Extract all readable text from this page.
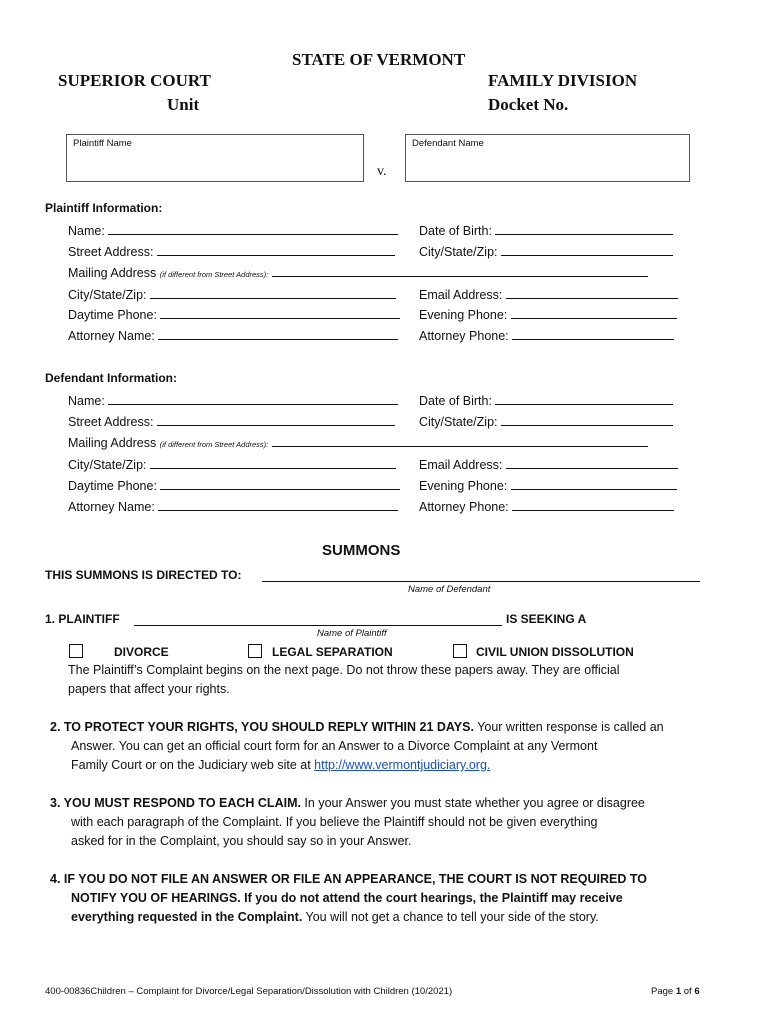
STATE OF VERMONT
SUPERIOR COURT
Unit
FAMILY DIVISION
Docket No.
Plaintiff Name
v.
Defendant Name
Plaintiff Information:
Name:	Date of Birth:
Street Address:	City/State/Zip:
Mailing Address (if different from Street Address):
City/State/Zip:	Email Address:
Daytime Phone:	Evening Phone:
Attorney Name:	Attorney Phone:
Defendant Information:
Name:	Date of Birth:
Street Address:	City/State/Zip:
Mailing Address (if different from Street Address):
City/State/Zip:	Email Address:
Daytime Phone:	Evening Phone:
Attorney Name:	Attorney Phone:
SUMMONS
THIS SUMMONS IS DIRECTED TO:
Name of Defendant
1. PLAINTIFF	IS SEEKING A
Name of Plaintiff
DIVORCE	LEGAL SEPARATION	CIVIL UNION DISSOLUTION
The Plaintiff’s Complaint begins on the next page. Do not throw these papers away. They are official
papers that affect your rights.
2. TO PROTECT YOUR RIGHTS, YOU SHOULD REPLY WITHIN 21 DAYS. Your written response is called an
Answer. You can get an official court form for an Answer to a Divorce Complaint at any Vermont
Family Court or on the Judiciary web site at http://www.vermontjudiciary.org.
3. YOU MUST RESPOND TO EACH CLAIM. In your Answer you must state whether you agree or disagree
with each paragraph of the Complaint. If you believe the Plaintiff should not be given everything
asked for in the Complaint, you should say so in your Answer.
4. IF YOU DO NOT FILE AN ANSWER OR FILE AN APPEARANCE, THE COURT IS NOT REQUIRED TO
NOTIFY YOU OF HEARINGS. If you do not attend the court hearings, the Plaintiff may receive
everything requested in the Complaint. You will not get a chance to tell your side of the story.
400-00836Children – Complaint for Divorce/Legal Separation/Dissolution with Children (10/2021)	Page 1 of 6
